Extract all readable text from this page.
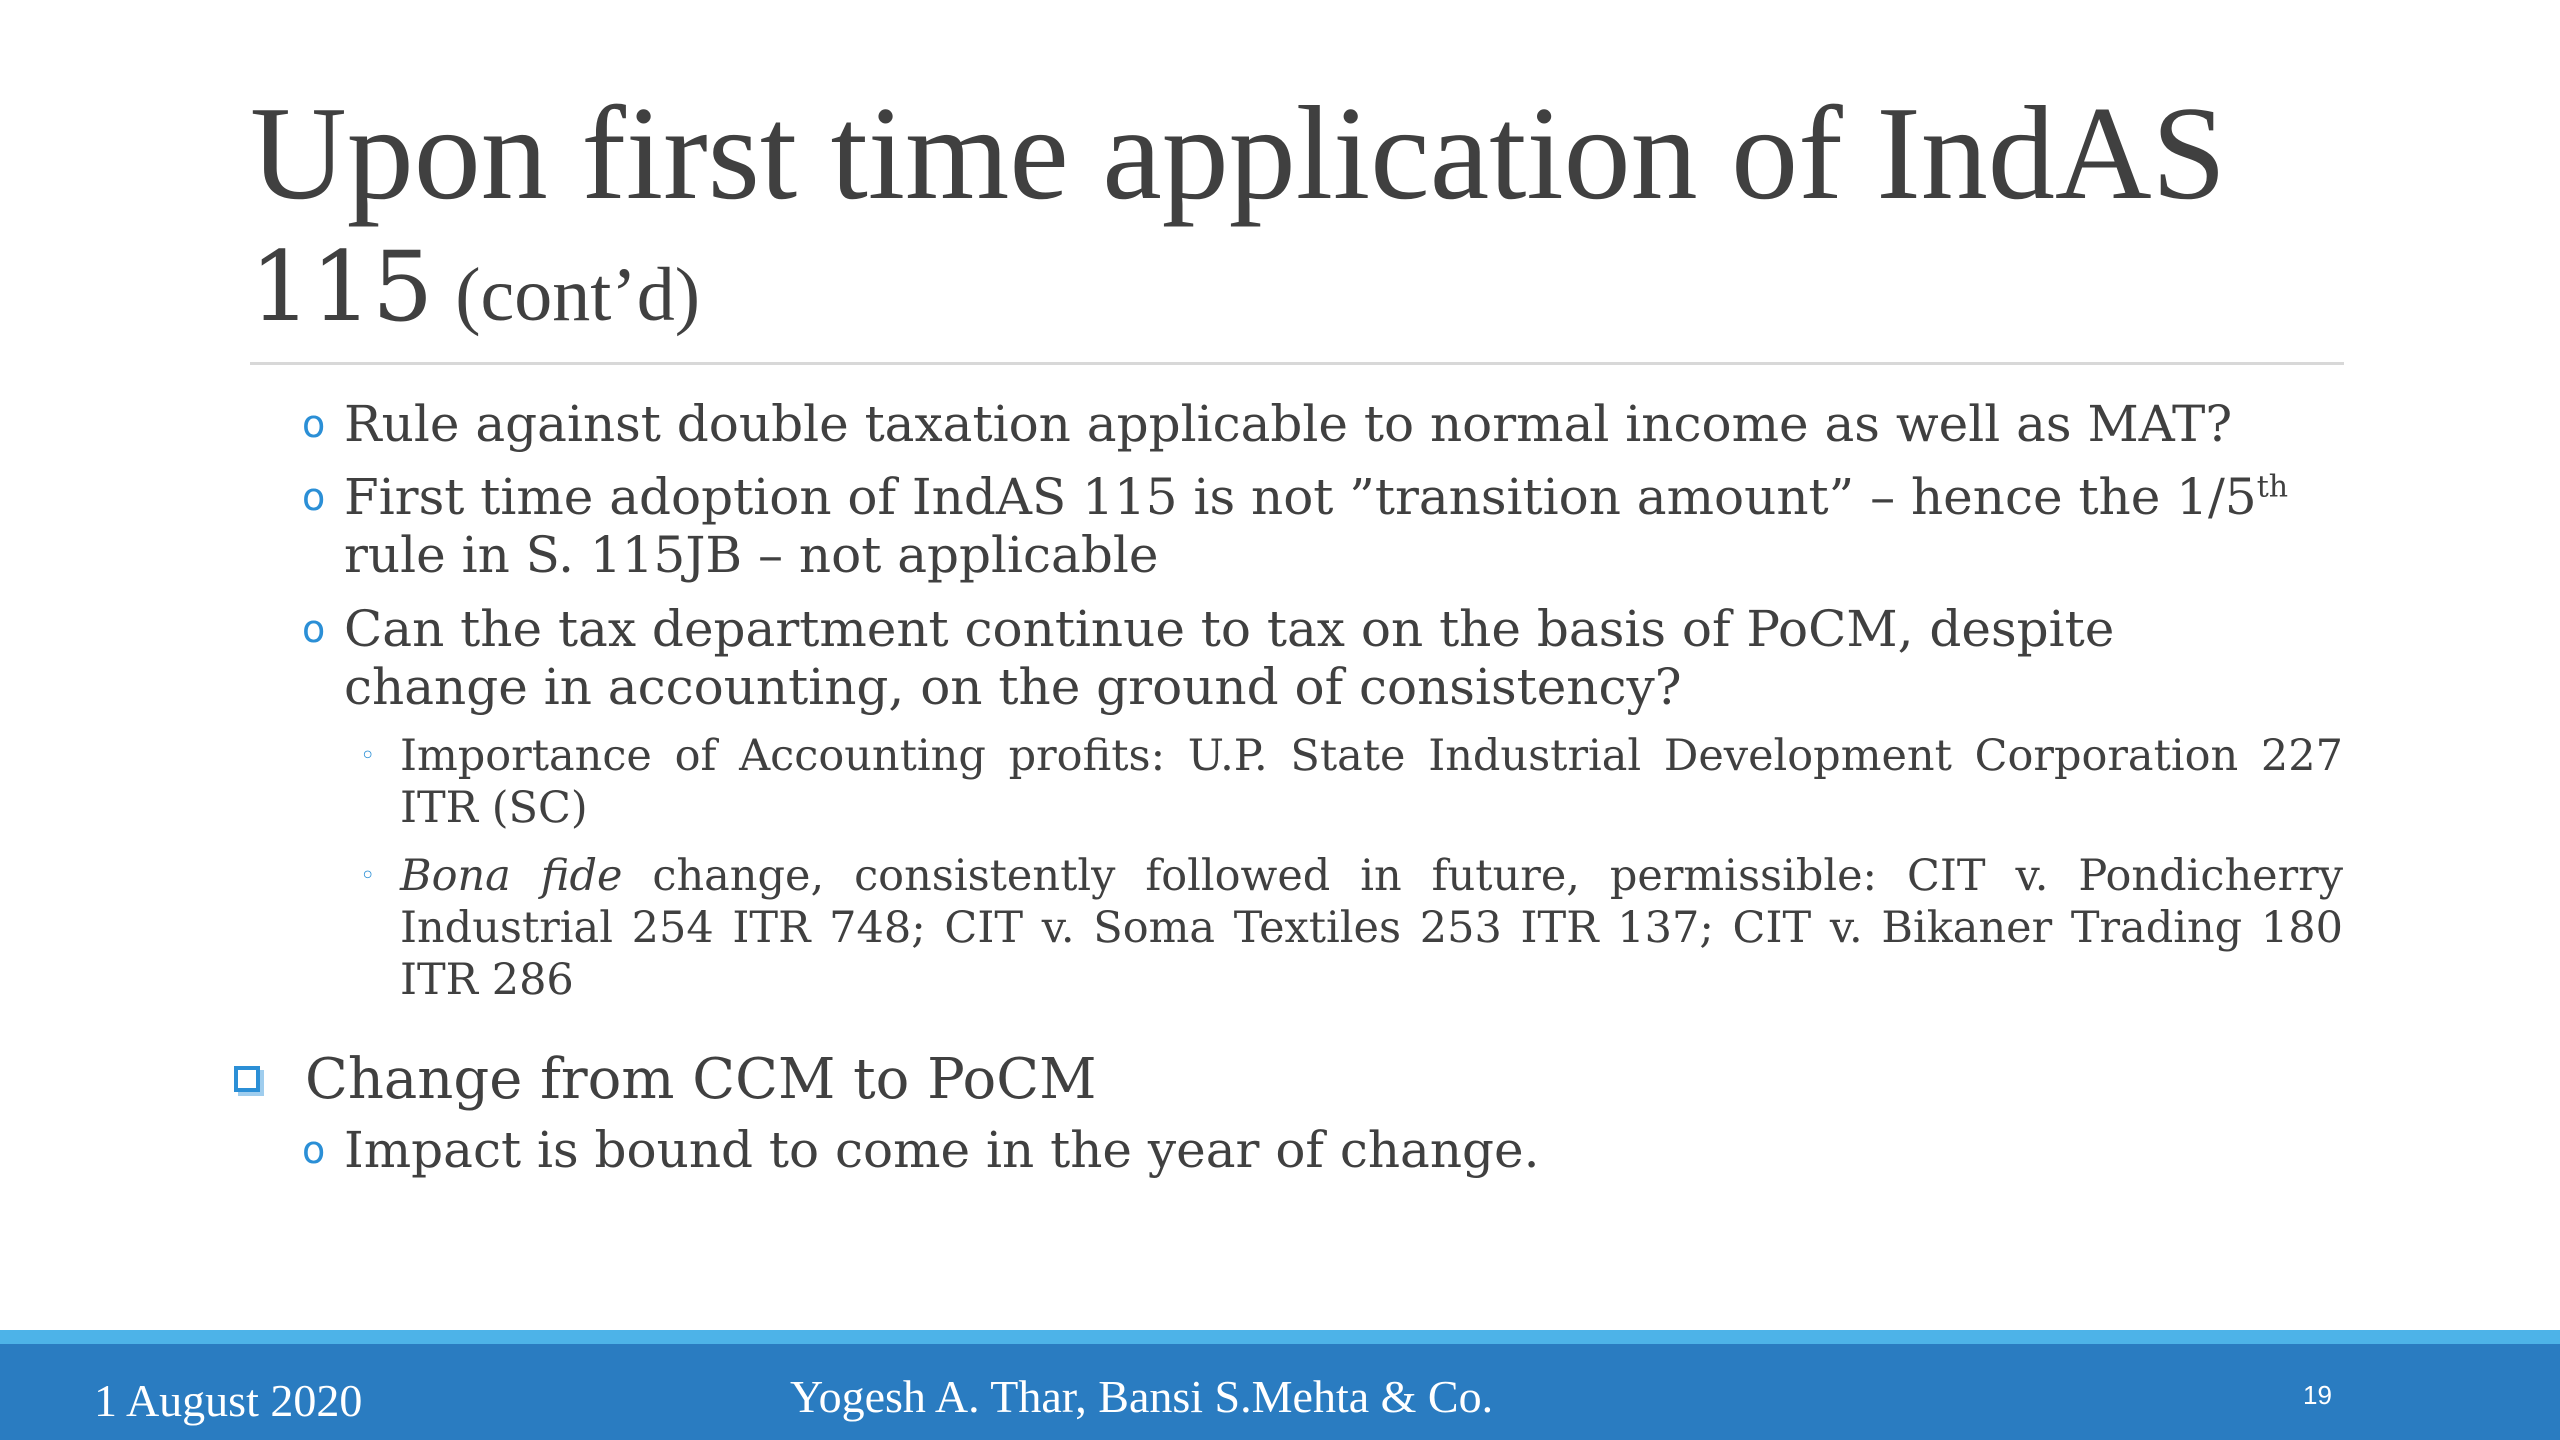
Upon first time application of IndAS
115 (cont’d)
o Rule against double taxation applicable to normal income as well as MAT?
o First time adoption of IndAS 115 is not ”transition amount” – hence the 1/5th rule in S. 115JB – not applicable
o Can the tax department continue to tax on the basis of PoCM, despite change in accounting, on the ground of consistency?
◦ Importance of Accounting profits: U.P. State Industrial Development Corporation 227 ITR (SC)
◦ Bona fide change, consistently followed in future, permissible: CIT v. Pondicherry Industrial 254 ITR 748; CIT v. Soma Textiles 253 ITR 137; CIT v. Bikaner Trading 180 ITR 286
Change from CCM to PoCM
o Impact is bound to come in the year of change.
1 August 2020	Yogesh A. Thar, Bansi S.Mehta & Co.	19
